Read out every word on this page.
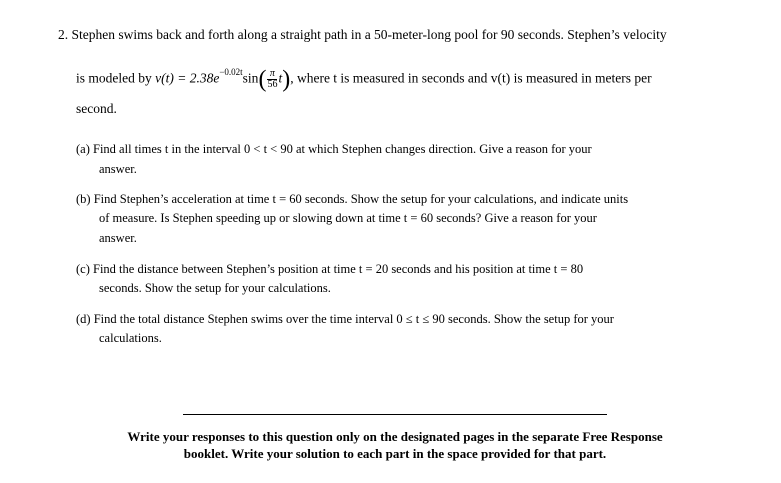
2. Stephen swims back and forth along a straight path in a 50-meter-long pool for 90 seconds. Stephen’s velocity
is modeled by $v(t) = 2.38e^{-0.02t}\sin( \frac{\pi}{56} t)$, where t is measured in seconds and v(t) is measured in meters per
second.
(a) Find all times t in the interval 0 < t < 90 at which Stephen changes direction. Give a reason for your
answer.
(b) Find Stephen’s acceleration at time t = 60 seconds. Show the setup for your calculations, and indicate units
of measure. Is Stephen speeding up or slowing down at time t = 60 seconds? Give a reason for your
answer.
(c) Find the distance between Stephen’s position at time t = 20 seconds and his position at time t = 80
seconds. Show the setup for your calculations.
(d) Find the total distance Stephen swims over the time interval 0 ≤ t ≤ 90 seconds. Show the setup for your
calculations.
Write your responses to this question only on the designated pages in the separate Free Response
booklet. Write your solution to each part in the space provided for that part.
